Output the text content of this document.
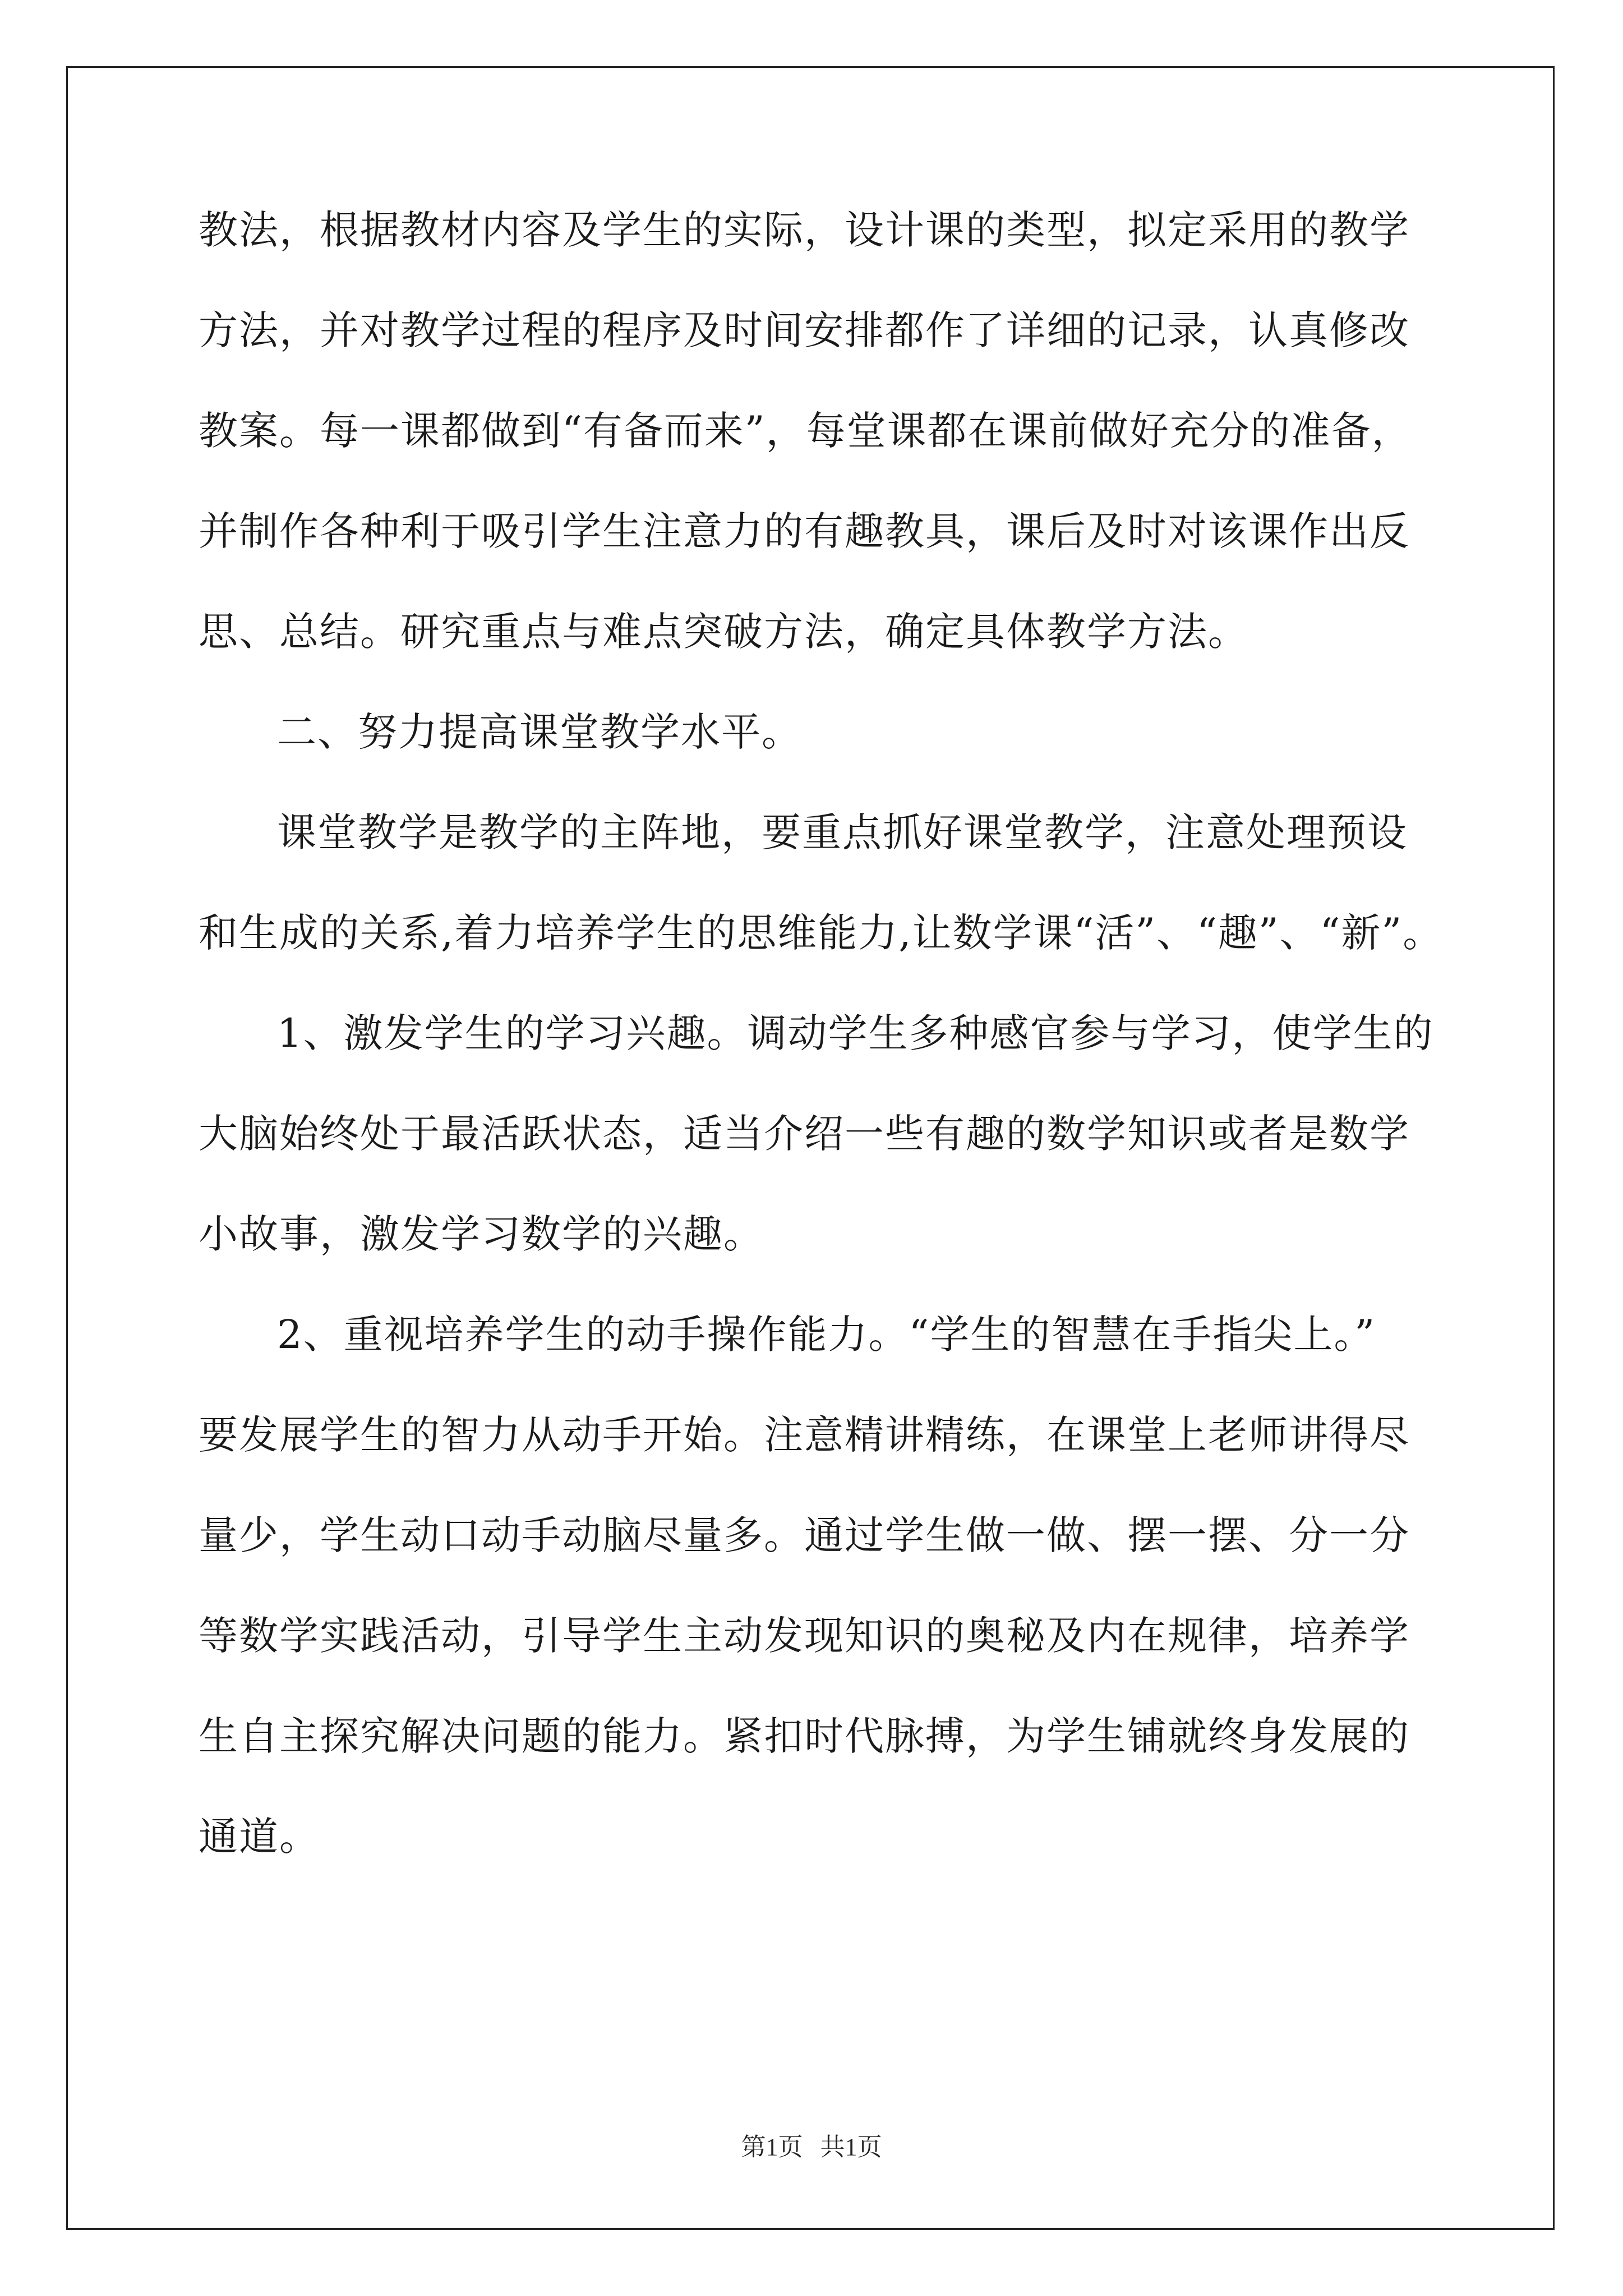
教法，根据教材内容及学生的实际，设计课的类型，拟定采用的教学
方法，并对教学过程的程序及时间安排都作了详细的记录，认真修改
教案。每一课都做到“有备而来”，每堂课都在课前做好充分的准备，
并制作各种利于吸引学生注意力的有趣教具，课后及时对该课作出反
思、总结。研究重点与难点突破方法，确定具体教学方法。
二、努力提高课堂教学水平。
课堂教学是教学的主阵地，要重点抓好课堂教学，注意处理预设
和生成的关系,着力培养学生的思维能力,让数学课“活”、“趣”、“新”。
1、激发学生的学习兴趣。调动学生多种感官参与学习，使学生的
大脑始终处于最活跃状态，适当介绍一些有趣的数学知识或者是数学
小故事，激发学习数学的兴趣。
2、重视培养学生的动手操作能力。“学生的智慧在手指尖上。”
要发展学生的智力从动手开始。注意精讲精练，在课堂上老师讲得尽
量少，学生动口动手动脑尽量多。通过学生做一做、摆一摆、分一分
等数学实践活动，引导学生主动发现知识的奥秘及内在规律，培养学
生自主探究解决问题的能力。紧扣时代脉搏，为学生铺就终身发展的
通道。
第1页 共1页
